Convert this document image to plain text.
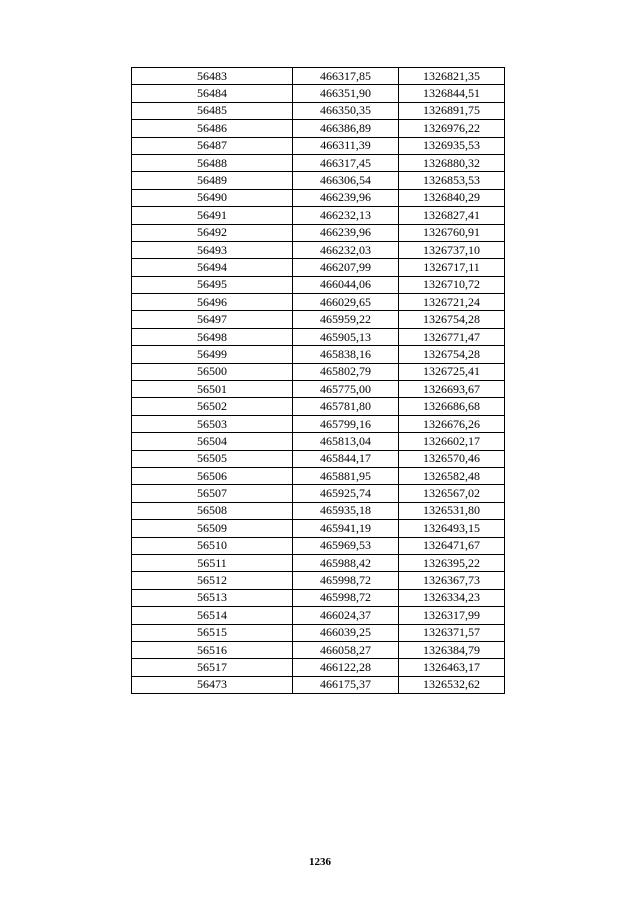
56483	466317,85	1326821,35
56484	466351,90	1326844,51
56485	466350,35	1326891,75
56486	466386,89	1326976,22
56487	466311,39	1326935,53
56488	466317,45	1326880,32
56489	466306,54	1326853,53
56490	466239,96	1326840,29
56491	466232,13	1326827,41
56492	466239,96	1326760,91
56493	466232,03	1326737,10
56494	466207,99	1326717,11
56495	466044,06	1326710,72
56496	466029,65	1326721,24
56497	465959,22	1326754,28
56498	465905,13	1326771,47
56499	465838,16	1326754,28
56500	465802,79	1326725,41
56501	465775,00	1326693,67
56502	465781,80	1326686,68
56503	465799,16	1326676,26
56504	465813,04	1326602,17
56505	465844,17	1326570,46
56506	465881,95	1326582,48
56507	465925,74	1326567,02
56508	465935,18	1326531,80
56509	465941,19	1326493,15
56510	465969,53	1326471,67
56511	465988,42	1326395,22
56512	465998,72	1326367,73
56513	465998,72	1326334,23
56514	466024,37	1326317,99
56515	466039,25	1326371,57
56516	466058,27	1326384,79
56517	466122,28	1326463,17
56473	466175,37	1326532,62
1236
